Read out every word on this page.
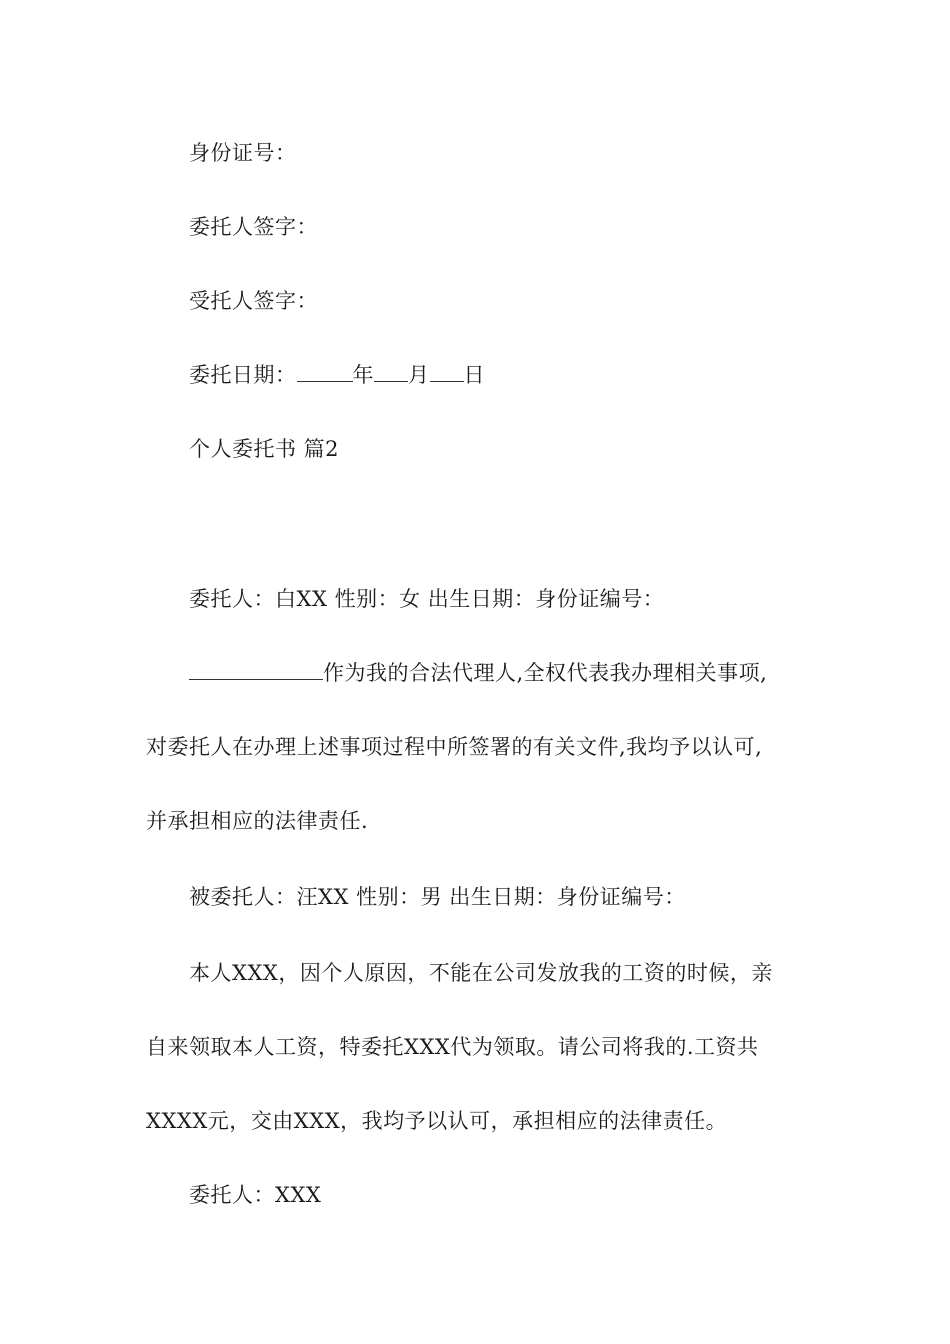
身份证号：
委托人签字：
受托人签字：
委托日期：	年 月 日
个人委托书 篇2
委托人：白XX 性别：女 出生日期：身份证编号：
作为我的合法代理人,全权代表我办理相关事项,
对委托人在办理上述事项过程中所签署的有关文件,我均予以认可,
并承担相应的法律责任.
被委托人：汪XX 性别：男 出生日期：身份证编号：
本人XXX，因个人原因，不能在公司发放我的工资的时候，亲
自来领取本人工资，特委托XXX代为领取。请公司将我的.工资共
XXXX元，交由XXX，我均予以认可，承担相应的法律责任。
委托人：XXX
